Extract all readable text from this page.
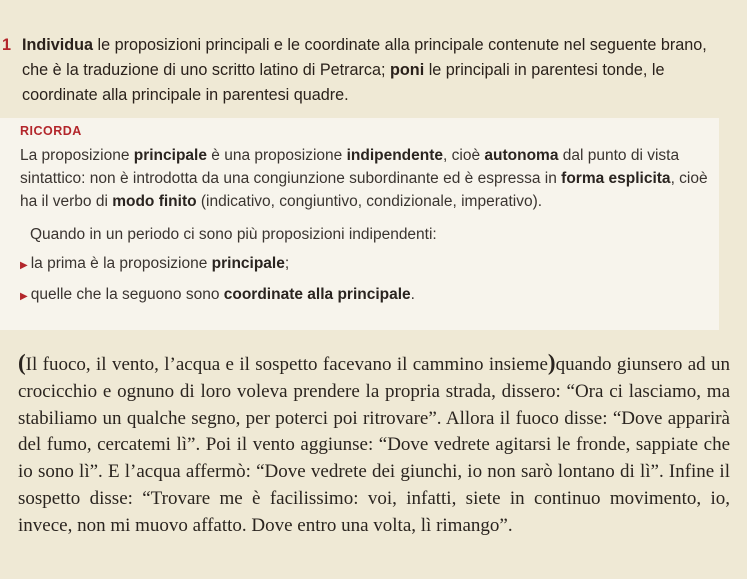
1 Individua le proposizioni principali e le coordinate alla principale contenute nel seguente brano, che è la traduzione di uno scritto latino di Petrarca; poni le principali in parentesi tonde, le coordinate alla principale in parentesi quadre.
RICORDA
La proposizione principale è una proposizione indipendente, cioè autonoma dal punto di vista sintattico: non è introdotta da una congiunzione subordinante ed è espressa in forma esplicita, cioè ha il verbo di modo finito (indicativo, congiuntivo, condizionale, imperativo).
Quando in un periodo ci sono più proposizioni indipendenti:
▶ la prima è la proposizione principale;
▶ quelle che la seguono sono coordinate alla principale.
(Il fuoco, il vento, l’acqua e il sospetto facevano il cammino insieme)quando giunsero ad un crocicchio e ognuno di loro voleva prendere la propria strada, dissero: “Ora ci lasciamo, ma stabiliamo un qualche segno, per poterci poi ritrovare”. Allora il fuoco disse: “Dove apparirà del fumo, cercatemi lì”. Poi il vento aggiunse: “Dove vedrete agitarsi le fronde, sappiate che io sono lì”. E l’acqua affermò: “Dove vedrete dei giunchi, io non sarò lontano di lì”. Infine il sospetto disse: “Trovare me è facilissimo: voi, infatti, siete in continuo movimento, io, invece, non mi muovo affatto. Dove entro una volta, lì rimango”.
